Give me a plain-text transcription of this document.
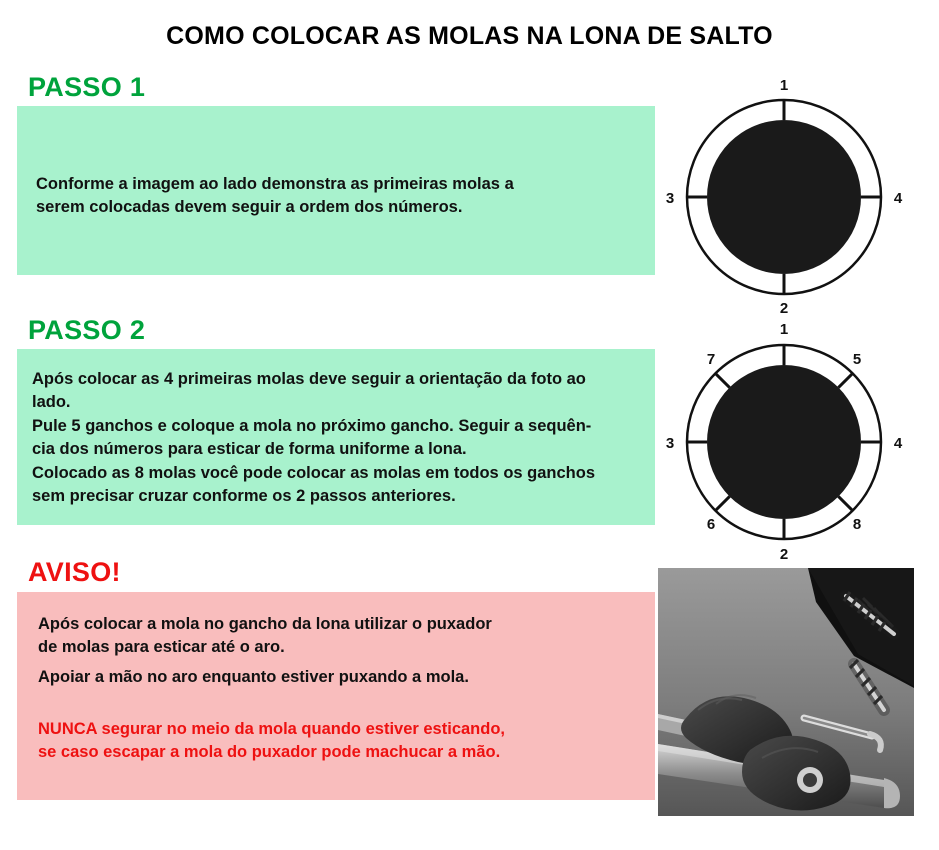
COMO COLOCAR AS MOLAS NA LONA DE SALTO
PASSO 1

Conforme a imagem ao lado demonstra as primeiras molas a

serem colocadas devem seguir a ordem dos números.

1
2
3	4
PASSO 2

Após colocar as 4 primeiras molas deve seguir a orientação da foto ao

lado.

Pule 5 ganchos e coloque a mola no próximo gancho. Seguir a sequên-

cia dos números para esticar de forma uniforme a lona.

Colocado as 8 molas você pode colocar as molas em todos os ganchos

sem precisar cruzar conforme os 2 passos anteriores.

1
2
3	4
5
6
7
8
AVISO!

Após colocar a mola no gancho da lona utilizar o puxador

de molas para esticar até o aro.

Apoiar a mão no aro enquanto estiver puxando a mola.

NUNCA segurar no meio da mola quando estiver esticando,

se caso escapar a mola do puxador pode machucar a mão.
